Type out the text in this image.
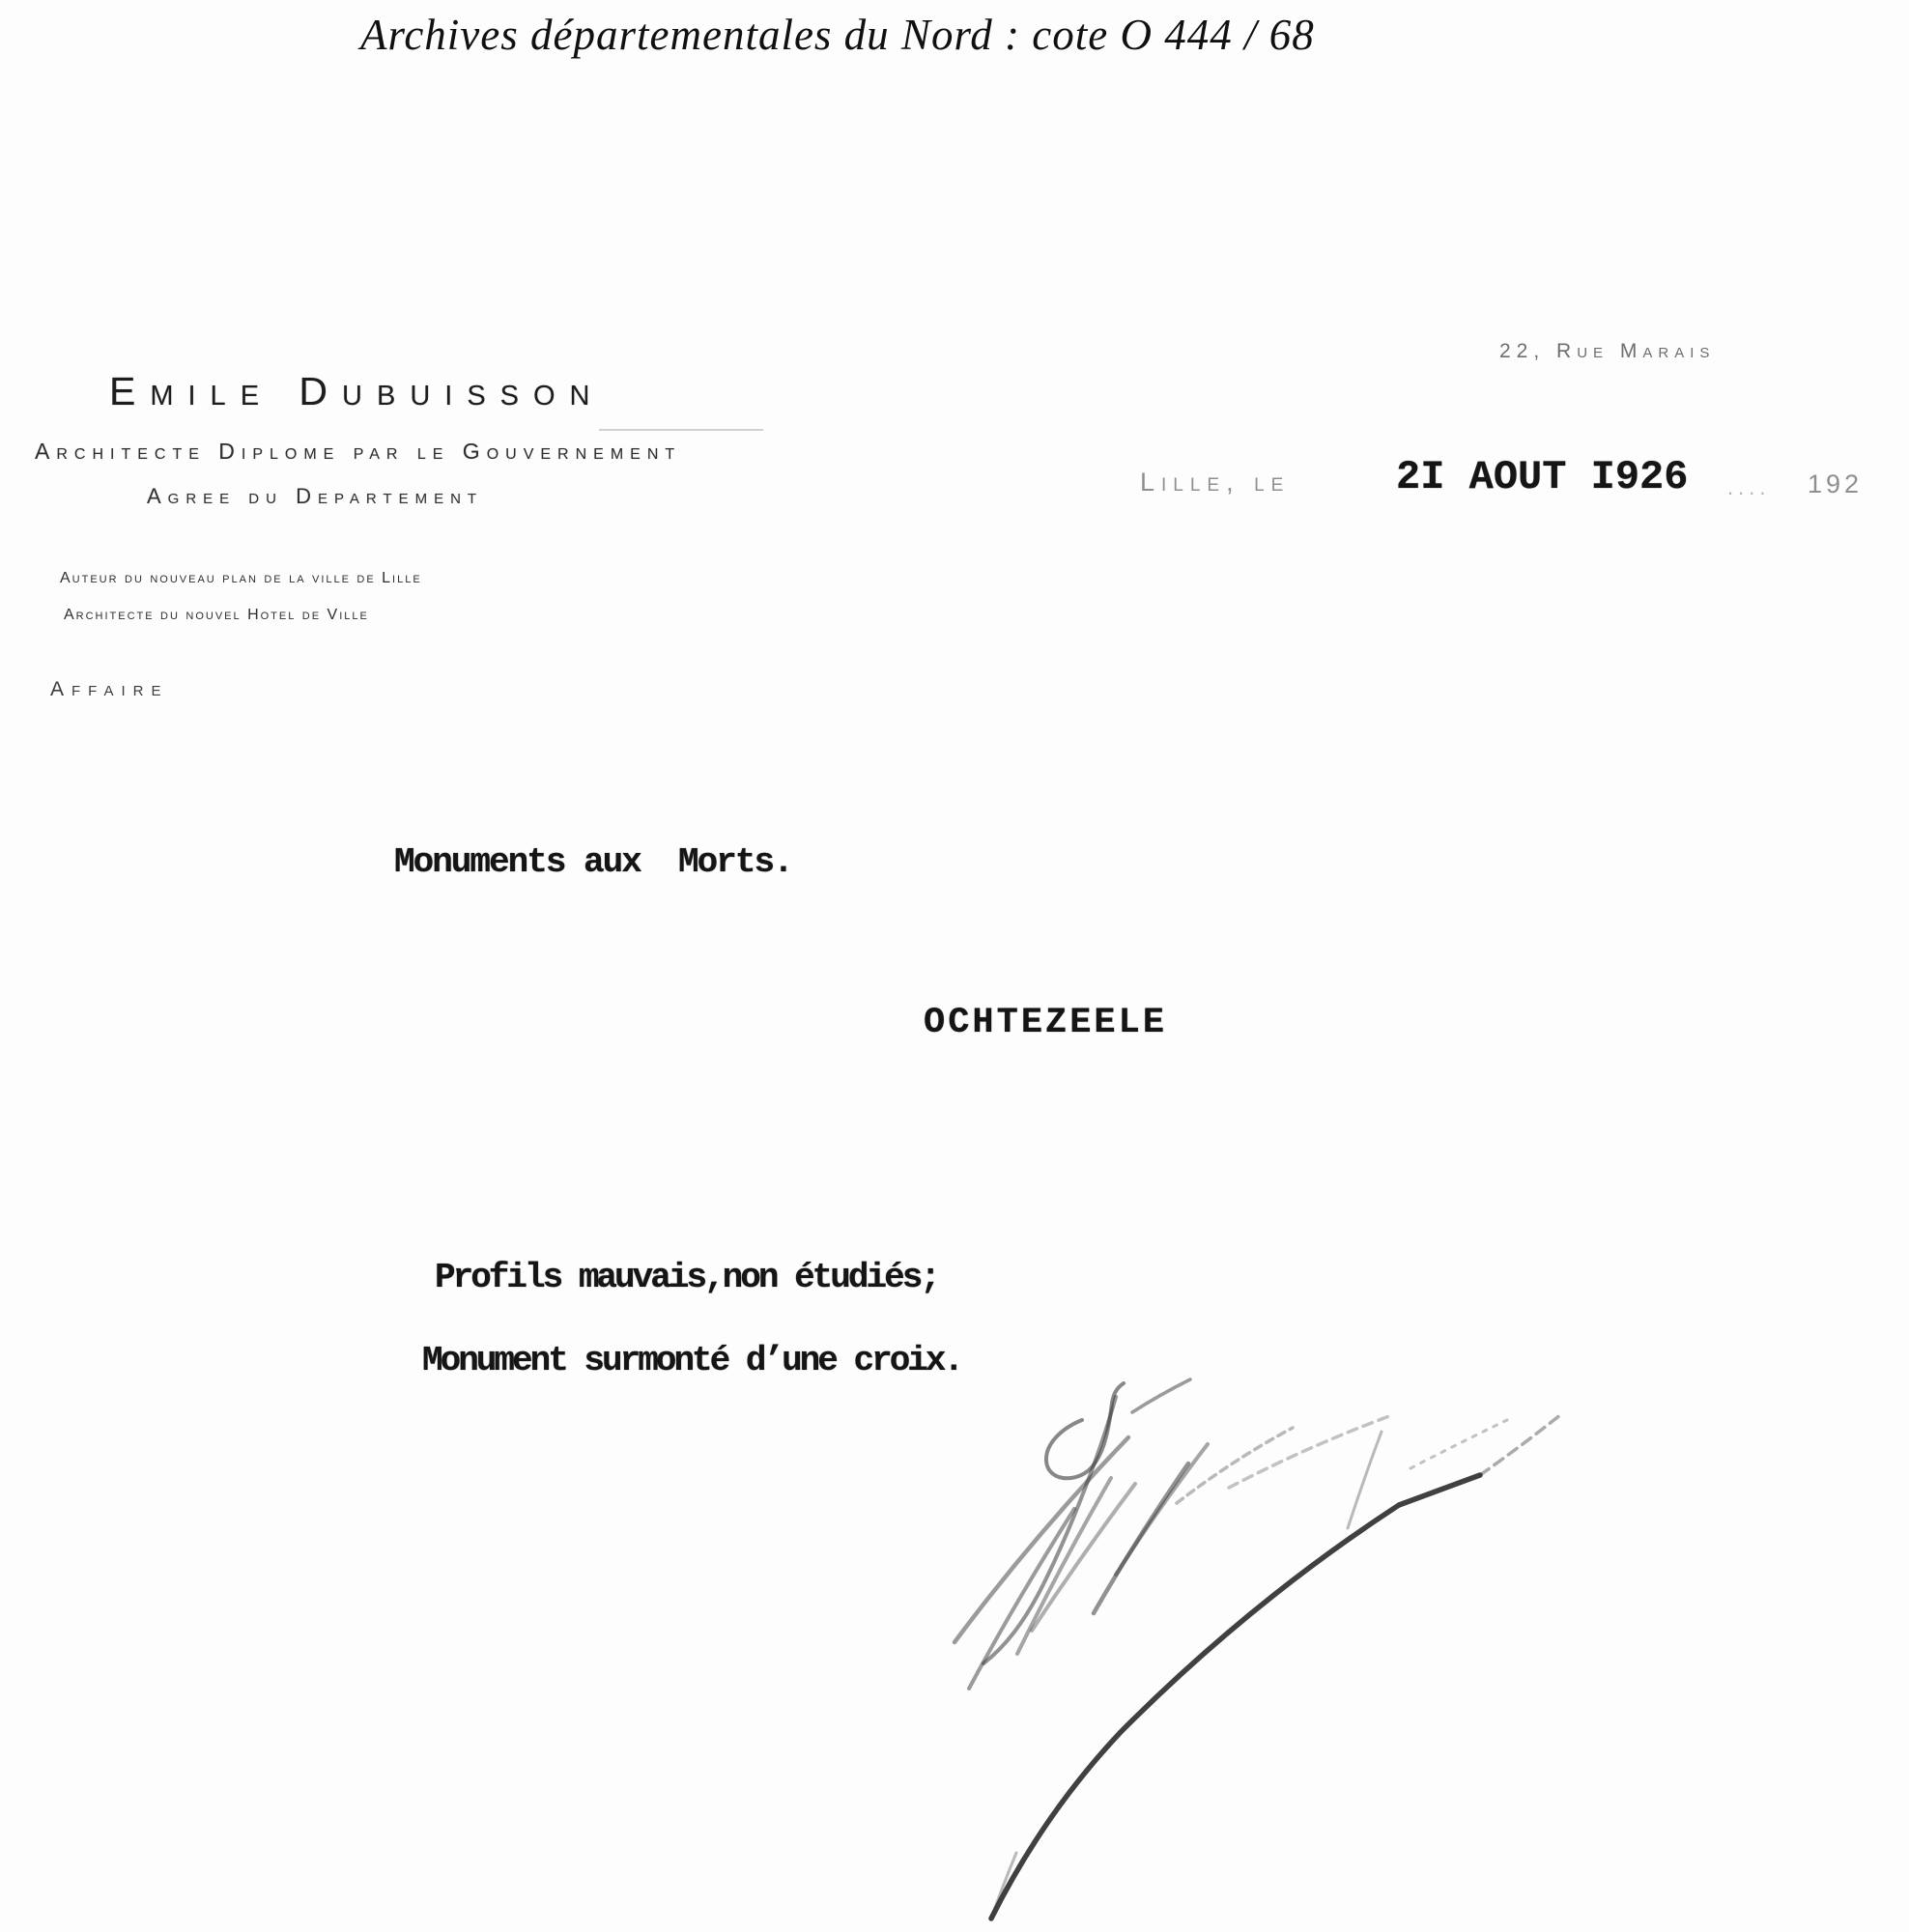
Archives départementales du Nord : cote O 444 / 68
Emile Dubuisson
Architecte Diplome par le Gouvernement
Agree du Departement
Auteur du nouveau plan de la ville de Lille
Architecte du nouvel Hotel de Ville
Affaire
22, Rue Marais
Lille, le	2I AOUT I926 .... 192
Monuments aux  Morts.
OCHTEZEELE
Profils mauvais,non étudiés;
Monument surmonté d’une croix.
